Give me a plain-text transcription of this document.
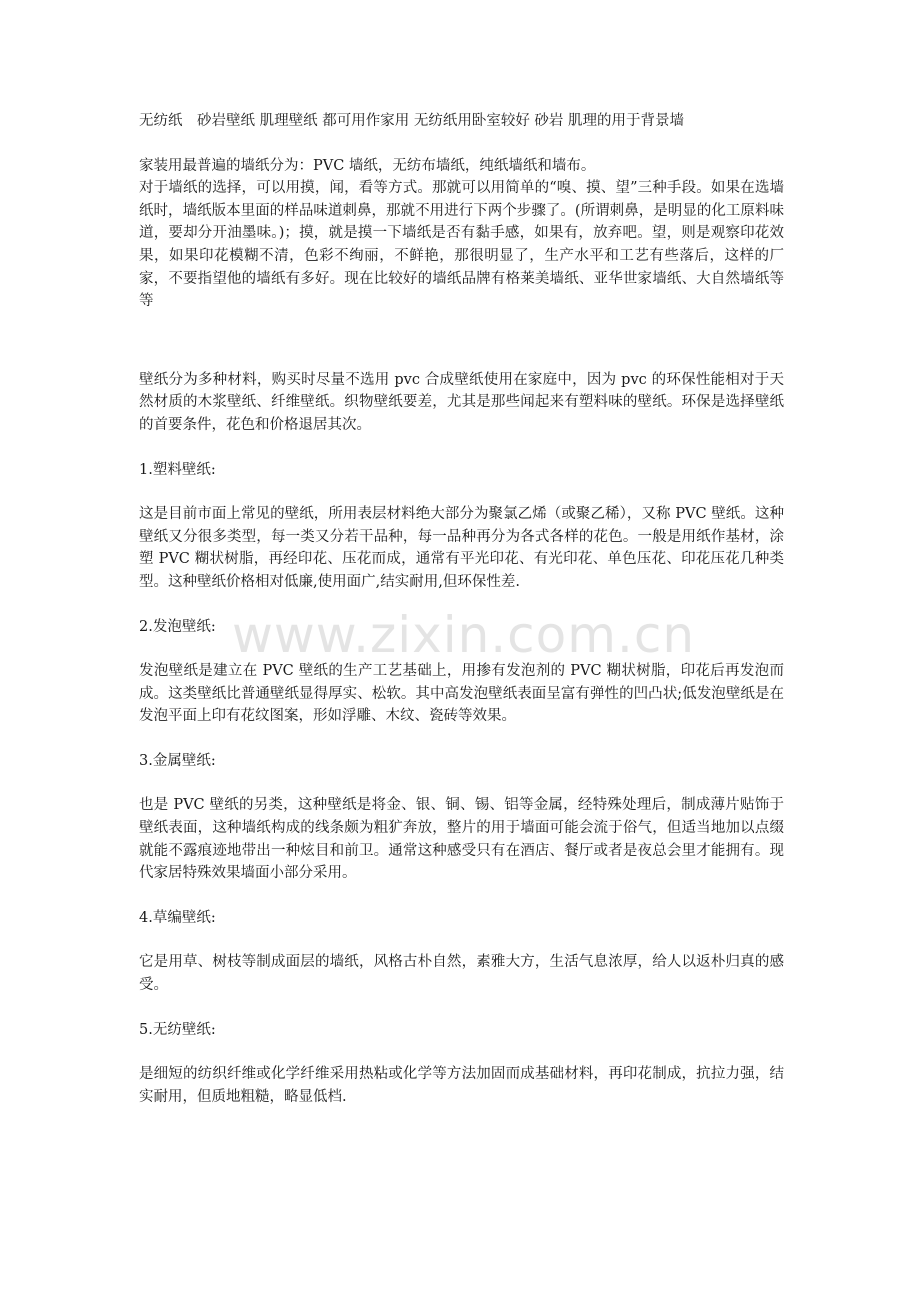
www.zixin.com.cn

无纺纸　砂岩壁纸 肌理壁纸 都可用作家用 无纺纸用卧室较好 砂岩 肌理的用于背景墙

家装用最普遍的墙纸分为：PVC 墙纸，无纺布墙纸，纯纸墙纸和墙布。

对于墙纸的选择，可以用摸，闻，看等方式。那就可以用简单的“嗅、摸、望”三种手段。如果在选墙纸时，墙纸版本里面的样品味道刺鼻，那就不用进行下两个步骤了。(所谓刺鼻，是明显的化工原料味道，要却分开油墨味。)；摸，就是摸一下墙纸是否有黏手感，如果有，放弃吧。望，则是观察印花效果，如果印花模糊不清，色彩不绚丽，不鲜艳，那很明显了，生产水平和工艺有些落后，这样的厂家，不要指望他的墙纸有多好。现在比较好的墙纸品牌有格莱美墙纸、亚华世家墙纸、大自然墙纸等等

壁纸分为多种材料，购买时尽量不选用 pvc 合成壁纸使用在家庭中，因为 pvc 的环保性能相对于天然材质的木浆壁纸、纤维壁纸。织物壁纸要差，尤其是那些闻起来有塑料味的壁纸。环保是选择壁纸的首要条件，花色和价格退居其次。

1.塑料壁纸:

这是目前市面上常见的壁纸，所用表层材料绝大部分为聚氯乙烯（或聚乙稀），又称 PVC 壁纸。这种壁纸又分很多类型，每一类又分若干品种，每一品种再分为各式各样的花色。一般是用纸作基材，涂塑 PVC 糊状树脂，再经印花、压花而成，通常有平光印花、有光印花、单色压花、印花压花几种类型。这种壁纸价格相对低廉,使用面广,结实耐用,但环保性差.

2.发泡壁纸:

发泡壁纸是建立在 PVC 壁纸的生产工艺基础上，用掺有发泡剂的 PVC 糊状树脂，印花后再发泡而成。这类壁纸比普通壁纸显得厚实、松软。其中高发泡壁纸表面呈富有弹性的凹凸状;低发泡壁纸是在发泡平面上印有花纹图案，形如浮雕、木纹、瓷砖等效果。

3.金属壁纸:

也是 PVC 壁纸的另类，这种壁纸是将金、银、铜、锡、铝等金属，经特殊处理后，制成薄片贴饰于壁纸表面，这种墙纸构成的线条颇为粗犷奔放，整片的用于墙面可能会流于俗气，但适当地加以点缀就能不露痕迹地带出一种炫目和前卫。通常这种感受只有在酒店、餐厅或者是夜总会里才能拥有。现代家居特殊效果墙面小部分采用。

4.草编壁纸:

它是用草、树枝等制成面层的墙纸，风格古朴自然，素雅大方，生活气息浓厚，给人以返朴归真的感受。

5.无纺壁纸:

是细短的纺织纤维或化学纤维采用热粘或化学等方法加固而成基础材料，再印花制成，抗拉力强，结实耐用，但质地粗糙，略显低档.
